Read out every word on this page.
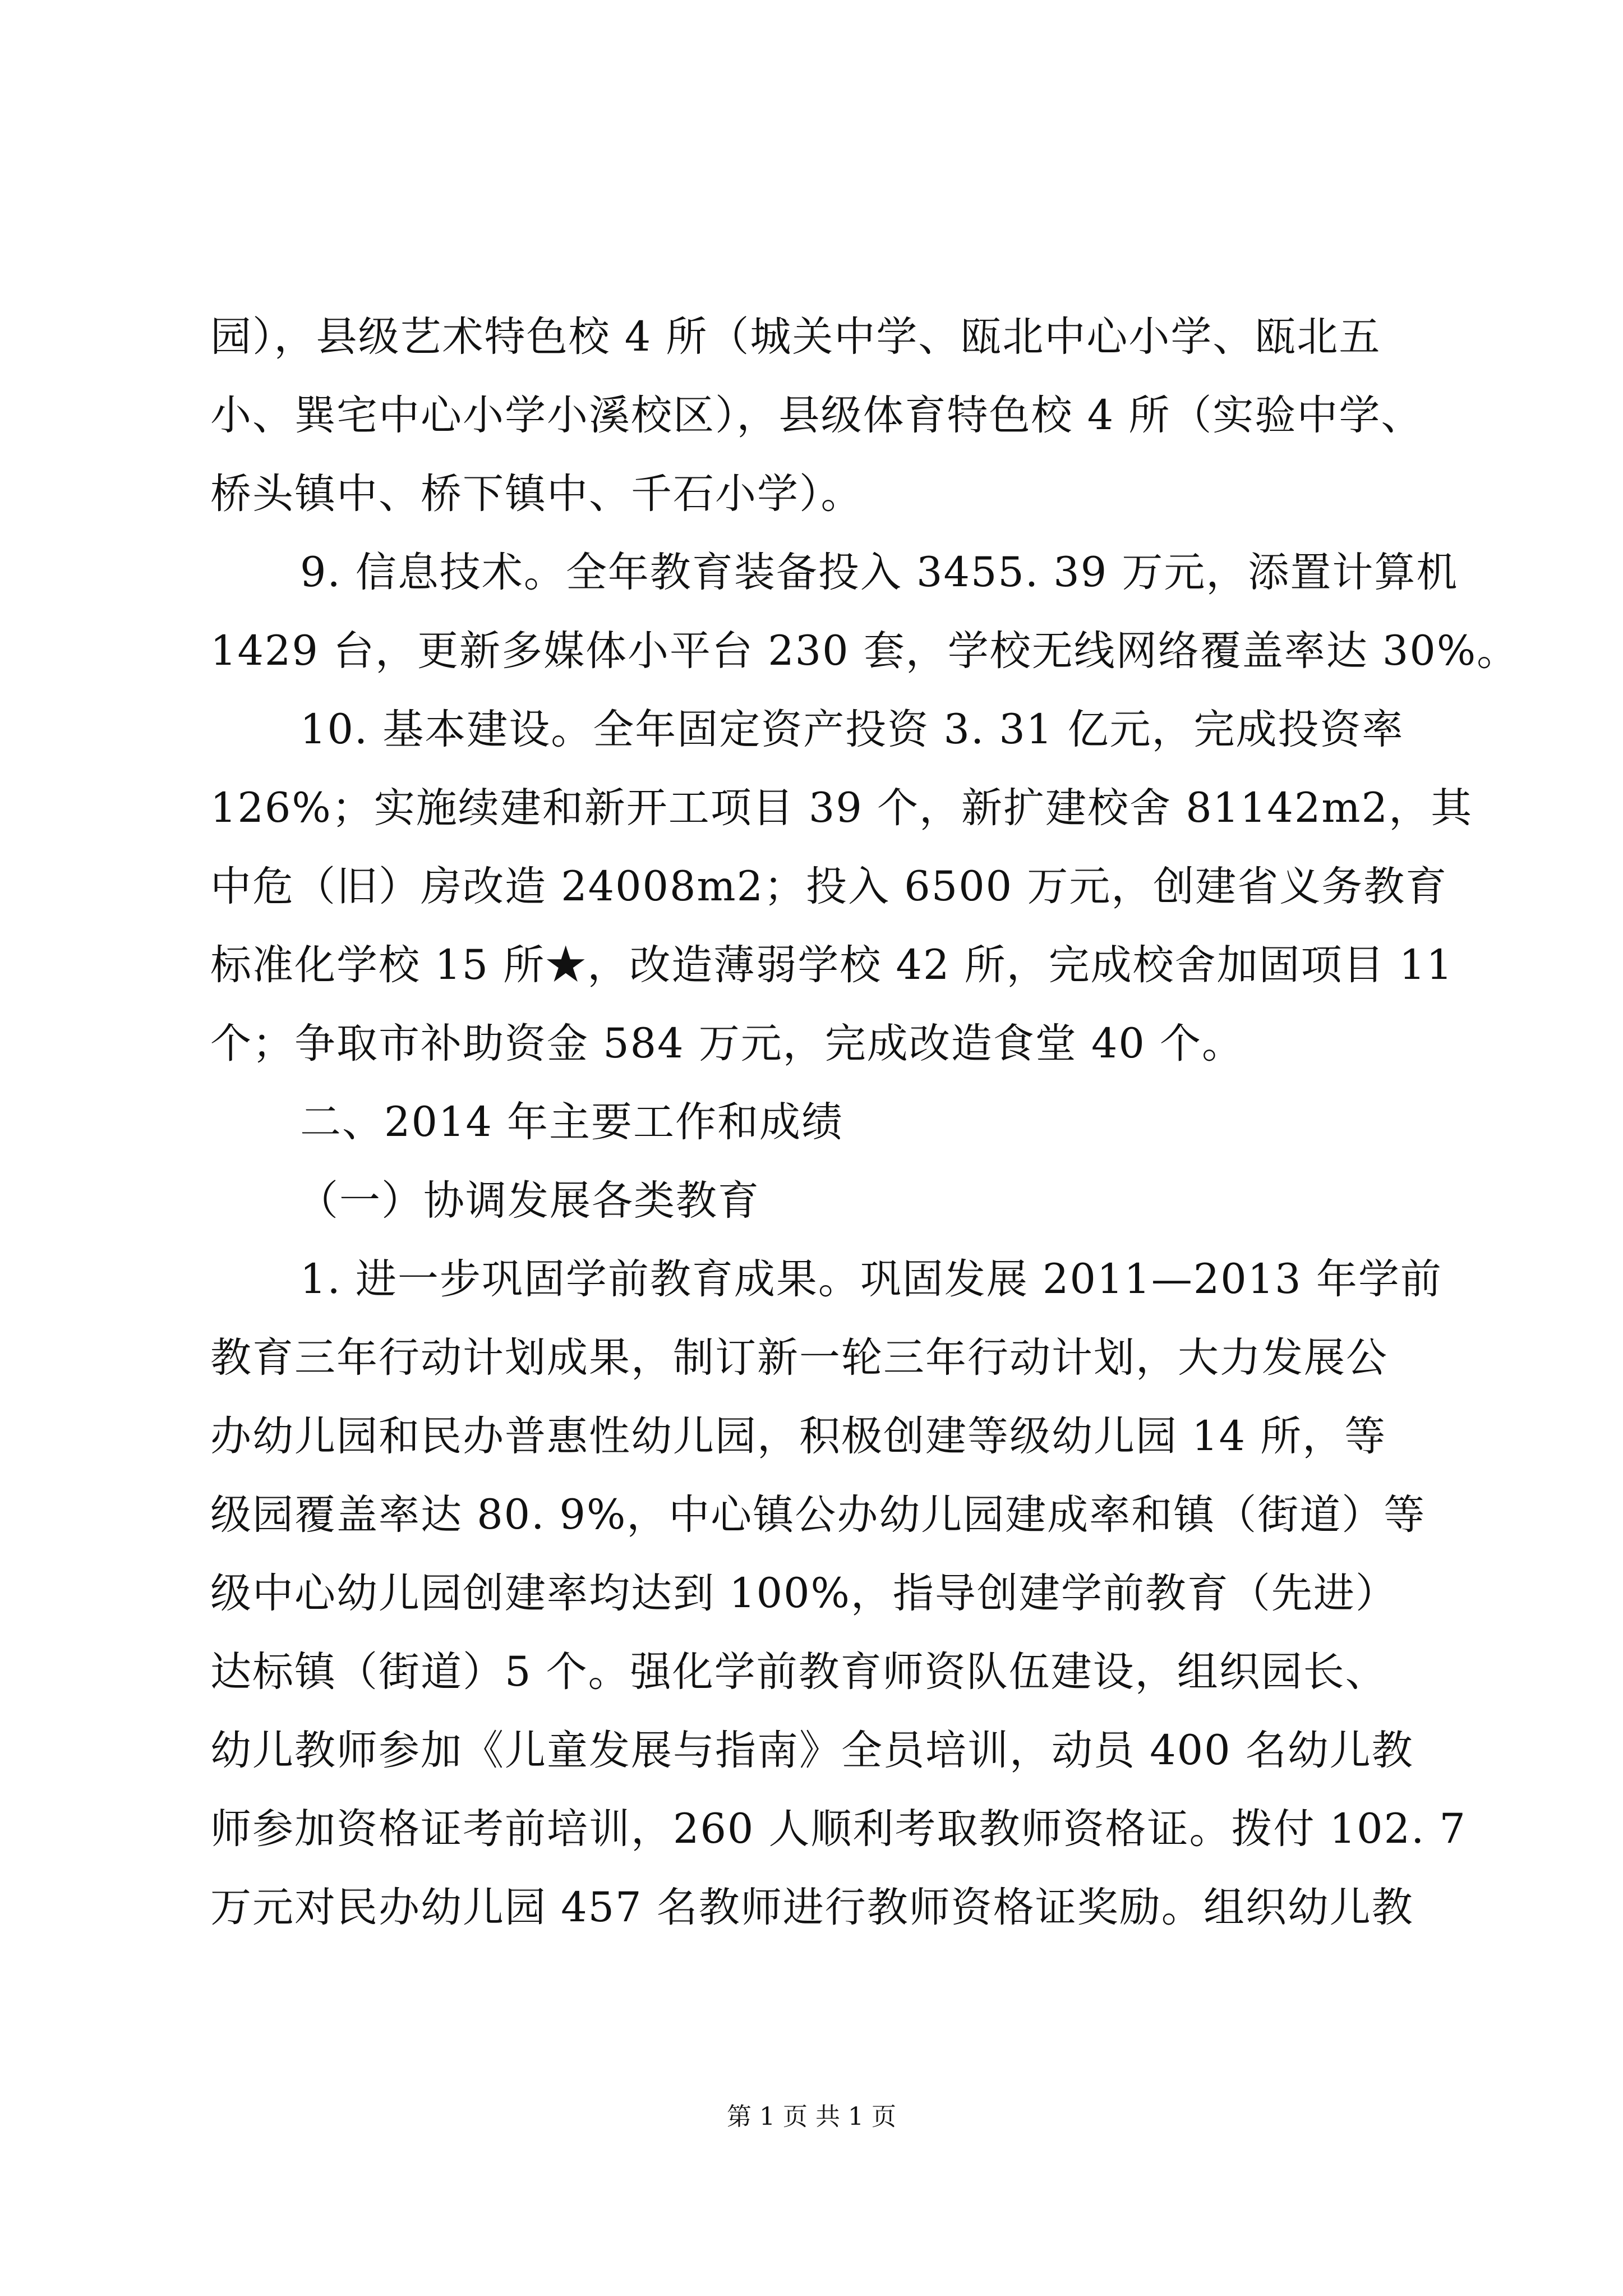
园），县级艺术特色校 4 所（城关中学、瓯北中心小学、瓯北五
小、巽宅中心小学小溪校区），县级体育特色校 4 所（实验中学、
桥头镇中、桥下镇中、千石小学）。
9. 信息技术。全年教育装备投入 3455. 39 万元，添置计算机
1429 台，更新多媒体小平台 230 套，学校无线网络覆盖率达 30%。
10. 基本建设。全年固定资产投资 3. 31 亿元，完成投资率
126%；实施续建和新开工项目 39 个，新扩建校舍 81142m2，其
中危（旧）房改造 24008m2；投入 6500 万元，创建省义务教育
标准化学校 15 所★，改造薄弱学校 42 所，完成校舍加固项目 11
个；争取市补助资金 584 万元，完成改造食堂 40 个。
二、2014 年主要工作和成绩
（一）协调发展各类教育
1. 进一步巩固学前教育成果。巩固发展 2011—2013 年学前
教育三年行动计划成果，制订新一轮三年行动计划，大力发展公
办幼儿园和民办普惠性幼儿园，积极创建等级幼儿园 14 所，等
级园覆盖率达 80. 9%，中心镇公办幼儿园建成率和镇（街道）等
级中心幼儿园创建率均达到 100%，指导创建学前教育（先进）
达标镇（街道）5 个。强化学前教育师资队伍建设，组织园长、
幼儿教师参加《儿童发展与指南》全员培训，动员 400 名幼儿教
师参加资格证考前培训，260 人顺利考取教师资格证。拨付 102. 7
万元对民办幼儿园 457 名教师进行教师资格证奖励。组织幼儿教
第 1 页 共 1 页
